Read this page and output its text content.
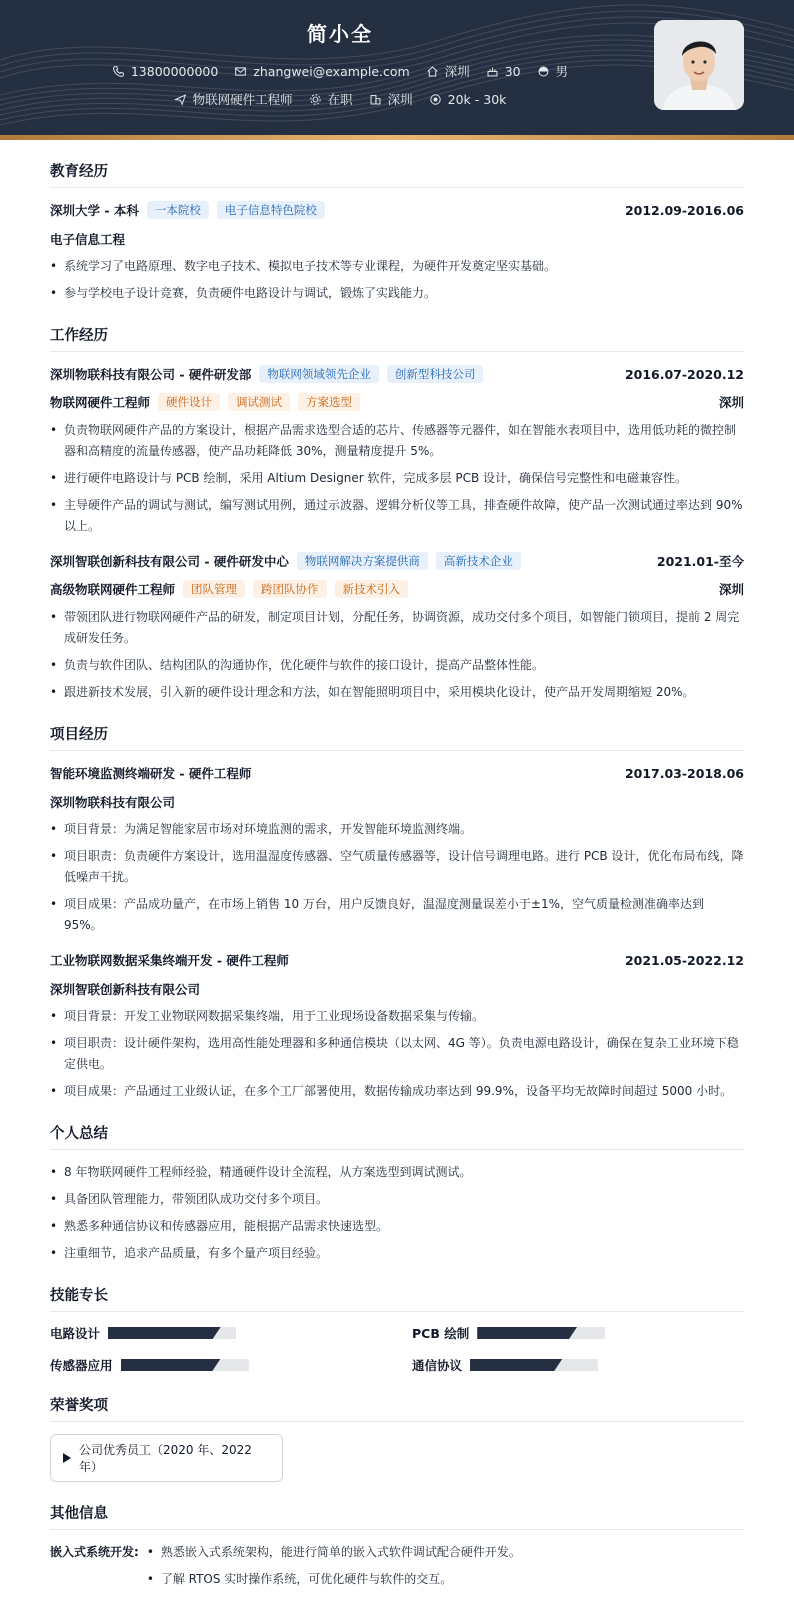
简小全
13800000000	zhangwei@example.com	深圳	30	男
物联网硬件工程师	在职	深圳	20k - 30k
教育经历
深圳大学 - 本科	一本院校	电子信息特色院校	2012.09-2016.06
电子信息工程
• 系统学习了电路原理、数字电子技术、模拟电子技术等专业课程，为硬件开发奠定坚实基础。
• 参与学校电子设计竞赛，负责硬件电路设计与调试，锻炼了实践能力。
工作经历
深圳物联科技有限公司 - 硬件研发部	物联网领域领先企业	创新型科技公司	2016.07-2020.12
物联网硬件工程师	硬件设计	调试测试	方案选型	深圳
• 负责物联网硬件产品的方案设计，根据产品需求选型合适的芯片、传感器等元器件，如在智能水表项目中，选用低功耗的微控制器和高精度的流量传感器，使产品功耗降低 30%，测量精度提升 5%。
• 进行硬件电路设计与 PCB 绘制，采用 Altium Designer 软件，完成多层 PCB 设计，确保信号完整性和电磁兼容性。
• 主导硬件产品的调试与测试，编写测试用例，通过示波器、逻辑分析仪等工具，排查硬件故障，使产品一次测试通过率达到 90%以上。
深圳智联创新科技有限公司 - 硬件研发中心	物联网解决方案提供商	高新技术企业	2021.01-至今
高级物联网硬件工程师	团队管理	跨团队协作	新技术引入	深圳
• 带领团队进行物联网硬件产品的研发，制定项目计划，分配任务，协调资源，成功交付多个项目，如智能门锁项目，提前 2 周完成研发任务。
• 负责与软件团队、结构团队的沟通协作，优化硬件与软件的接口设计，提高产品整体性能。
• 跟进新技术发展，引入新的硬件设计理念和方法，如在智能照明项目中，采用模块化设计，使产品开发周期缩短 20%。
项目经历
智能环境监测终端研发 - 硬件工程师	2017.03-2018.06
深圳物联科技有限公司
• 项目背景：为满足智能家居市场对环境监测的需求，开发智能环境监测终端。
• 项目职责：负责硬件方案设计，选用温湿度传感器、空气质量传感器等，设计信号调理电路。进行 PCB 设计，优化布局布线，降低噪声干扰。
• 项目成果：产品成功量产，在市场上销售 10 万台，用户反馈良好，温湿度测量误差小于±1%，空气质量检测准确率达到 95%。
工业物联网数据采集终端开发 - 硬件工程师	2021.05-2022.12
深圳智联创新科技有限公司
• 项目背景：开发工业物联网数据采集终端，用于工业现场设备数据采集与传输。
• 项目职责：设计硬件架构，选用高性能处理器和多种通信模块（以太网、4G 等）。负责电源电路设计，确保在复杂工业环境下稳定供电。
• 项目成果：产品通过工业级认证，在多个工厂部署使用，数据传输成功率达到 99.9%，设备平均无故障时间超过 5000 小时。
个人总结
• 8 年物联网硬件工程师经验，精通硬件设计全流程，从方案选型到调试测试。
• 具备团队管理能力，带领团队成功交付多个项目。
• 熟悉多种通信协议和传感器应用，能根据产品需求快速选型。
• 注重细节，追求产品质量，有多个量产项目经验。
技能专长
电路设计	PCB 绘制
传感器应用	通信协议
荣誉奖项
公司优秀员工（2020 年、2022 年）
其他信息
嵌入式系统开发:
•	熟悉嵌入式系统架构，能进行简单的嵌入式软件调试配合硬件开发。
• 了解 RTOS 实时操作系统，可优化硬件与软件的交互。
